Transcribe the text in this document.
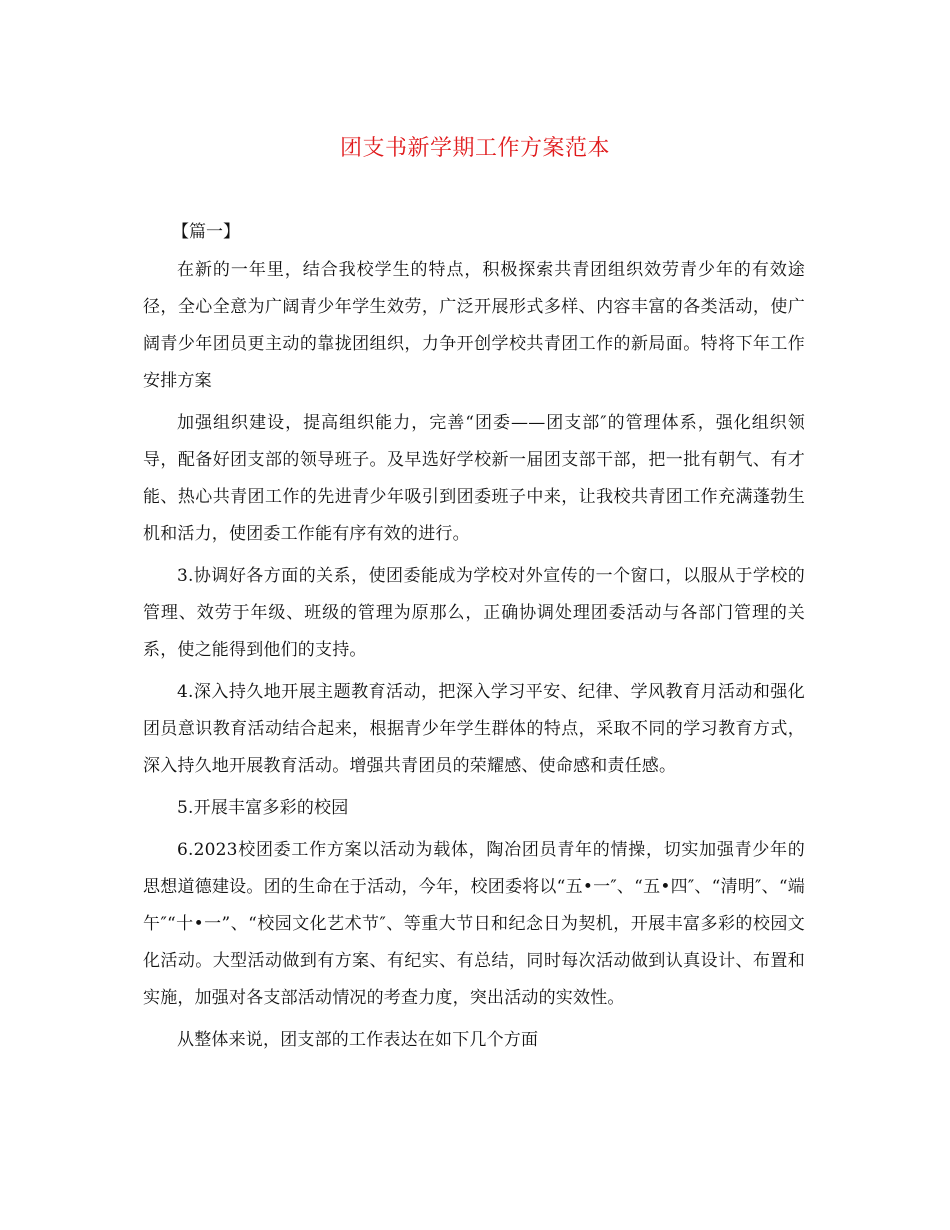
团支书新学期工作方案范本

【篇一】

在新的一年里，结合我校学生的特点，积极探索共青团组织效劳青少年的有效途径，全心全意为广阔青少年学生效劳，广泛开展形式多样、内容丰富的各类活动，使广阔青少年团员更主动的靠拢团组织，力争开创学校共青团工作的新局面。特将下年工作安排方案

加强组织建设，提高组织能力，完善“团委——团支部″的管理体系，强化组织领导，配备好团支部的领导班子。及早选好学校新一届团支部干部，把一批有朝气、有才能、热心共青团工作的先进青少年吸引到团委班子中来，让我校共青团工作充满蓬勃生机和活力，使团委工作能有序有效的进行。

3.协调好各方面的关系，使团委能成为学校对外宣传的一个窗口，以服从于学校的管理、效劳于年级、班级的管理为原那么，正确协调处理团委活动与各部门管理的关系，使之能得到他们的支持。

4.深入持久地开展主题教育活动，把深入学习平安、纪律、学风教育月活动和强化团员意识教育活动结合起来，根据青少年学生群体的特点，采取不同的学习教育方式，深入持久地开展教育活动。增强共青团员的荣耀感、使命感和责任感。

5.开展丰富多彩的校园

6.2023校团委工作方案以活动为载体，陶冶团员青年的情操，切实加强青少年的思想道德建设。团的生命在于活动，今年，校团委将以“五•一″、“五•四″、“清明″、“端午″“十•一”、“校园文化艺术节″、等重大节日和纪念日为契机，开展丰富多彩的校园文化活动。大型活动做到有方案、有纪实、有总结，同时每次活动做到认真设计、布置和实施，加强对各支部活动情况的考查力度，突出活动的实效性。

从整体来说，团支部的工作表达在如下几个方面
